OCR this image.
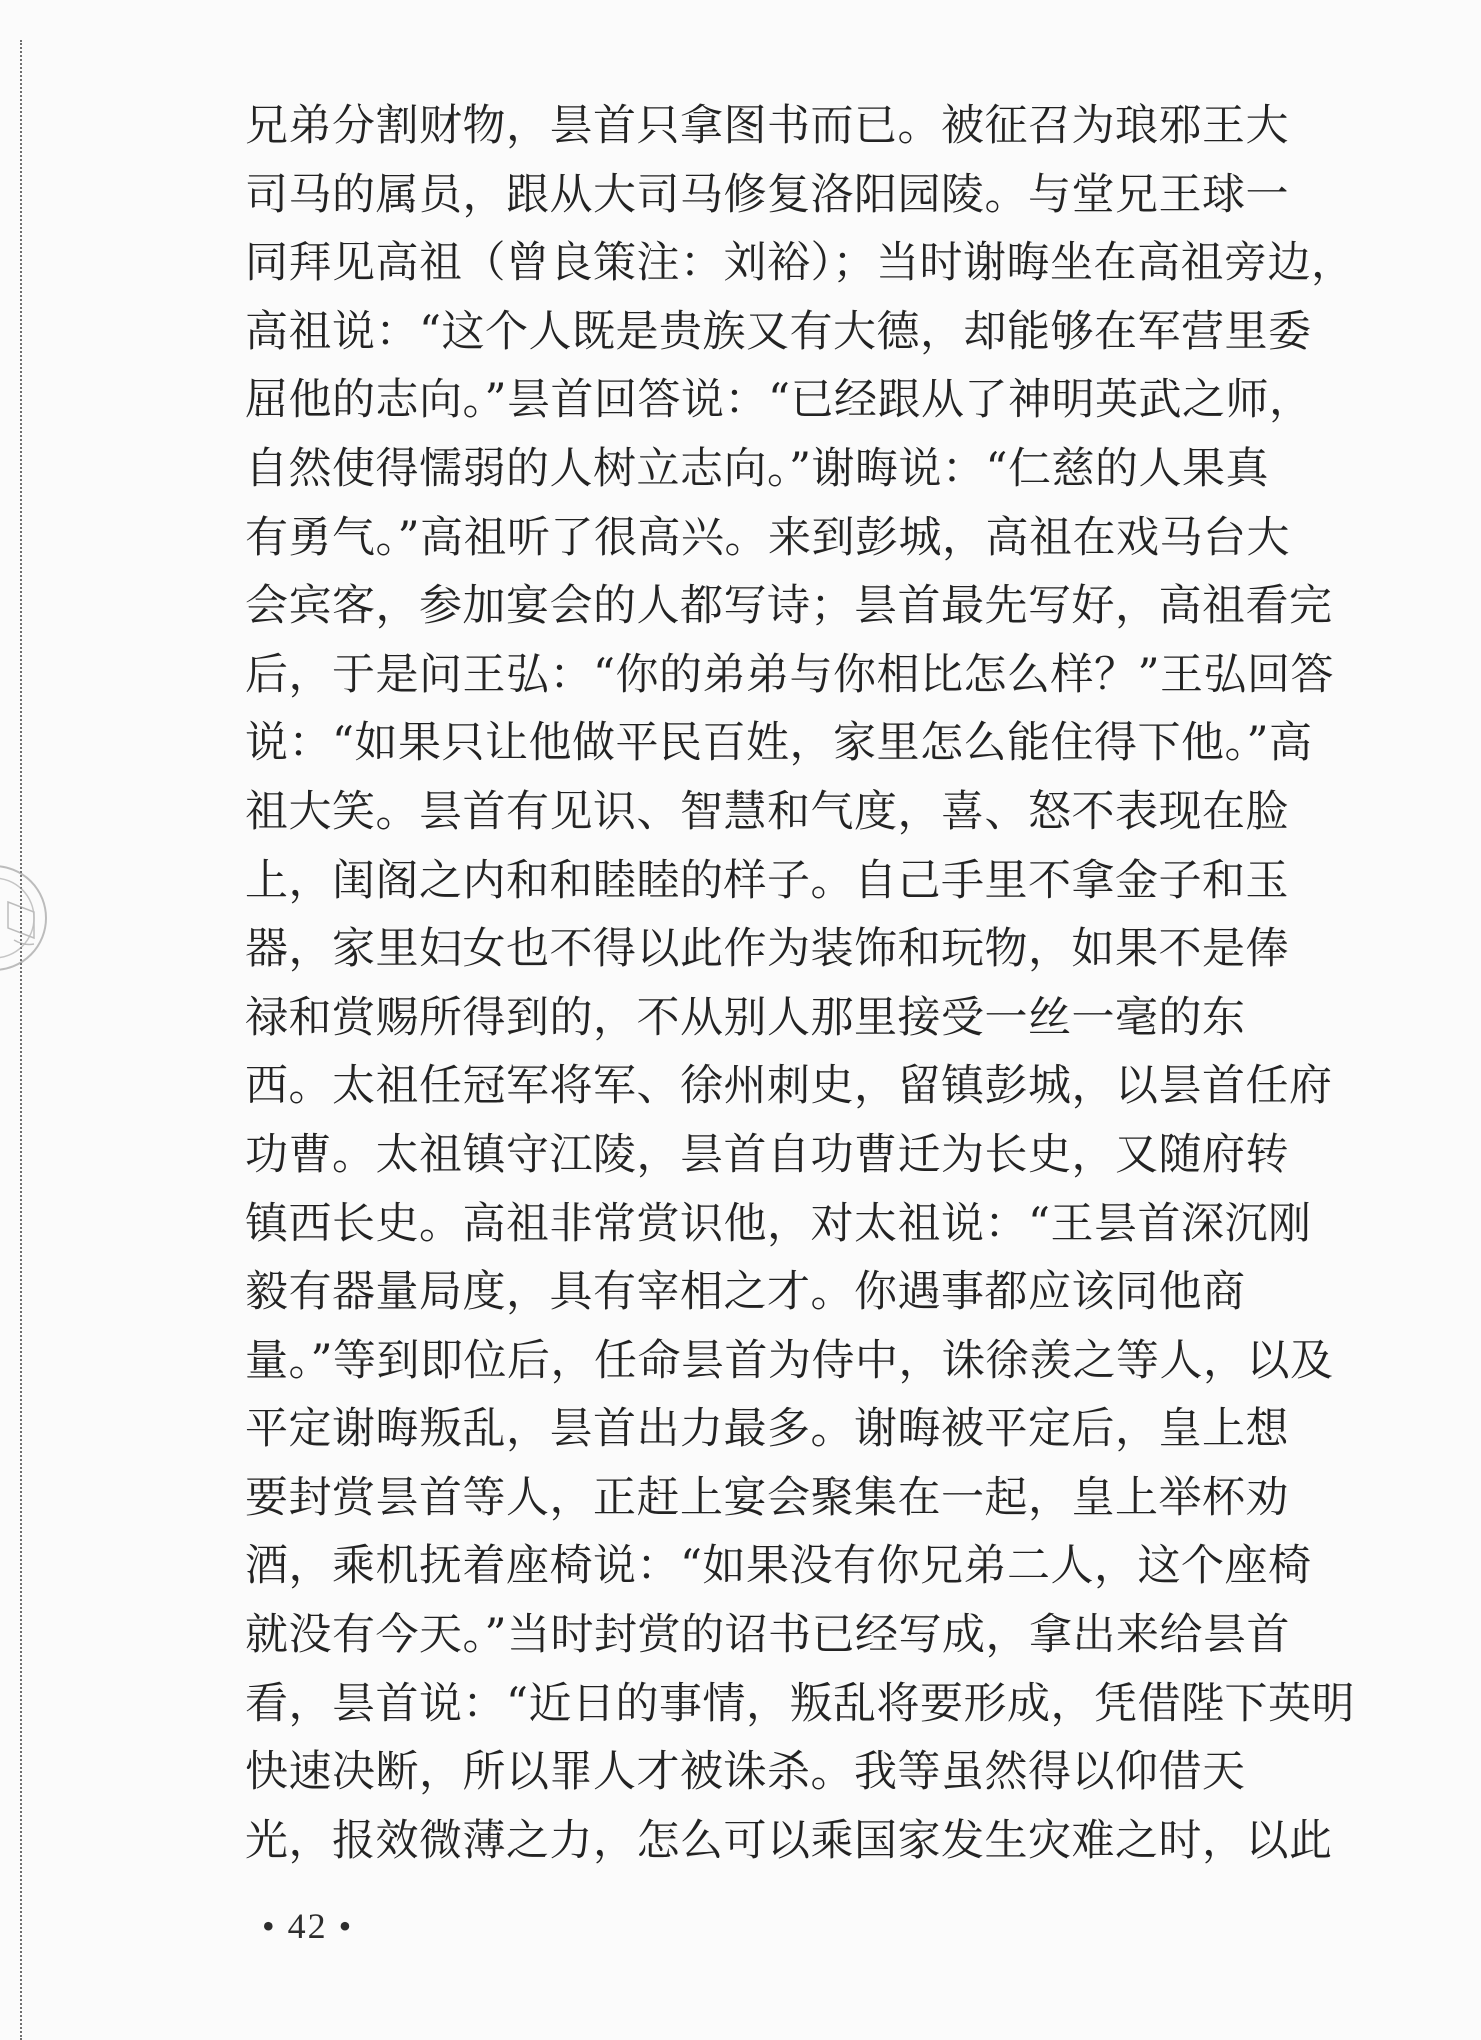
兄弟分割财物，昙首只拿图书而已。被征召为琅邪王大
司马的属员，跟从大司马修复洛阳园陵。与堂兄王球一
同拜见高祖（曾良策注：刘裕）；当时谢晦坐在高祖旁边，
高祖说：“这个人既是贵族又有大德，却能够在军营里委
屈他的志向。”昙首回答说：“已经跟从了神明英武之师，
自然使得懦弱的人树立志向。”谢晦说：“仁慈的人果真
有勇气。”高祖听了很高兴。来到彭城，高祖在戏马台大
会宾客，参加宴会的人都写诗；昙首最先写好，高祖看完
后，于是问王弘：“你的弟弟与你相比怎么样？”王弘回答
说：“如果只让他做平民百姓，家里怎么能住得下他。”高
祖大笑。昙首有见识、智慧和气度，喜、怒不表现在脸
上，闺阁之内和和睦睦的样子。自己手里不拿金子和玉
器，家里妇女也不得以此作为装饰和玩物，如果不是俸
禄和赏赐所得到的，不从别人那里接受一丝一毫的东
西。太祖任冠军将军、徐州刺史，留镇彭城，以昙首任府
功曹。太祖镇守江陵，昙首自功曹迁为长史，又随府转
镇西长史。高祖非常赏识他，对太祖说：“王昙首深沉刚
毅有器量局度，具有宰相之才。你遇事都应该同他商
量。”等到即位后，任命昙首为侍中，诛徐羡之等人，以及
平定谢晦叛乱，昙首出力最多。谢晦被平定后，皇上想
要封赏昙首等人，正赶上宴会聚集在一起，皇上举杯劝
酒，乘机抚着座椅说：“如果没有你兄弟二人，这个座椅
就没有今天。”当时封赏的诏书已经写成，拿出来给昙首
看，昙首说：“近日的事情，叛乱将要形成，凭借陛下英明
快速决断，所以罪人才被诛杀。我等虽然得以仰借天
光，报效微薄之力，怎么可以乘国家发生灾难之时，以此
• 42 •
